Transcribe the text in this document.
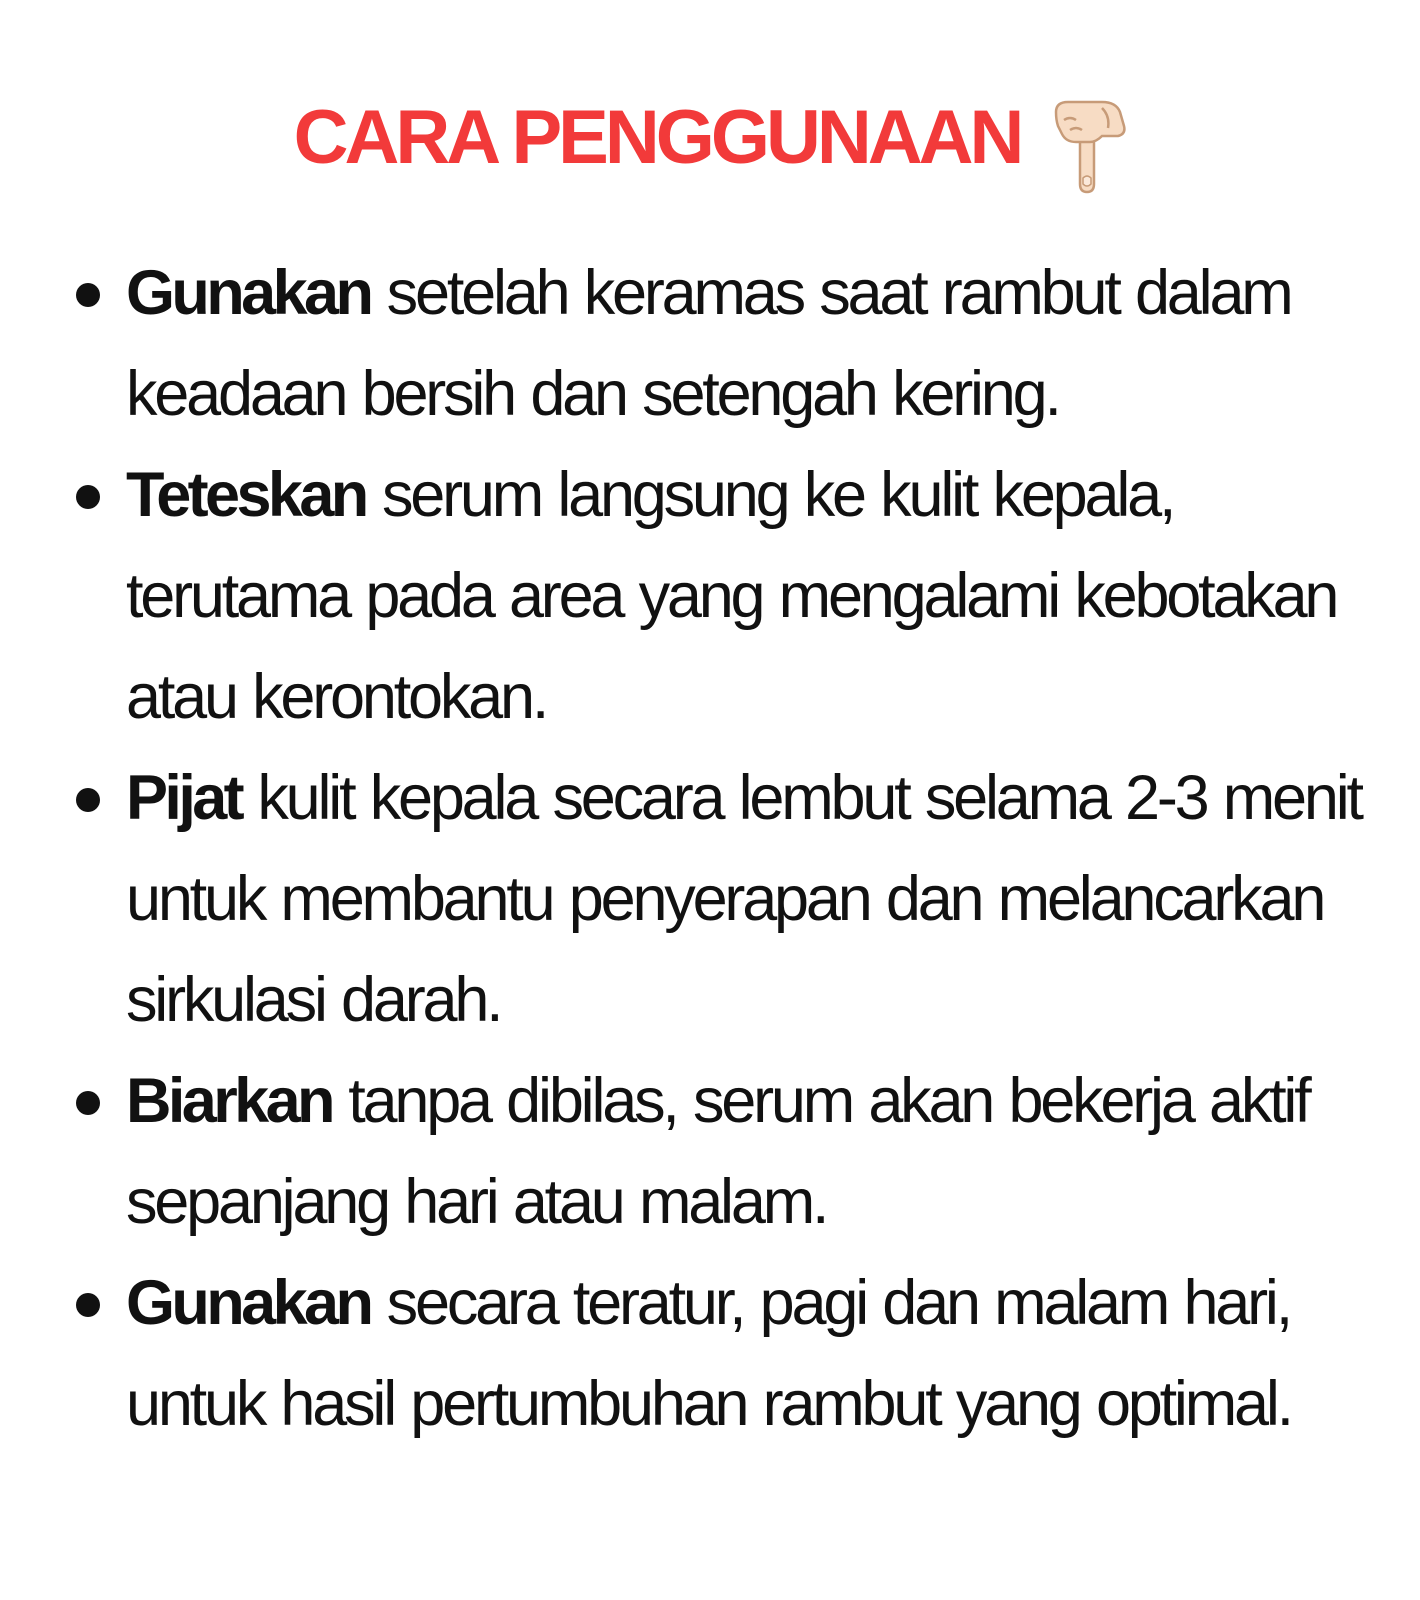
CARA PENGGUNAAN
Gunakan setelah keramas saat rambut dalam keadaan bersih dan setengah kering.
Teteskan serum langsung ke kulit kepala, terutama pada area yang mengalami kebotakan atau kerontokan.
Pijat kulit kepala secara lembut selama 2-3 menit untuk membantu penyerapan dan melancarkan sirkulasi darah.
Biarkan tanpa dibilas, serum akan bekerja aktif sepanjang hari atau malam.
Gunakan secara teratur, pagi dan malam hari, untuk hasil pertumbuhan rambut yang optimal.
